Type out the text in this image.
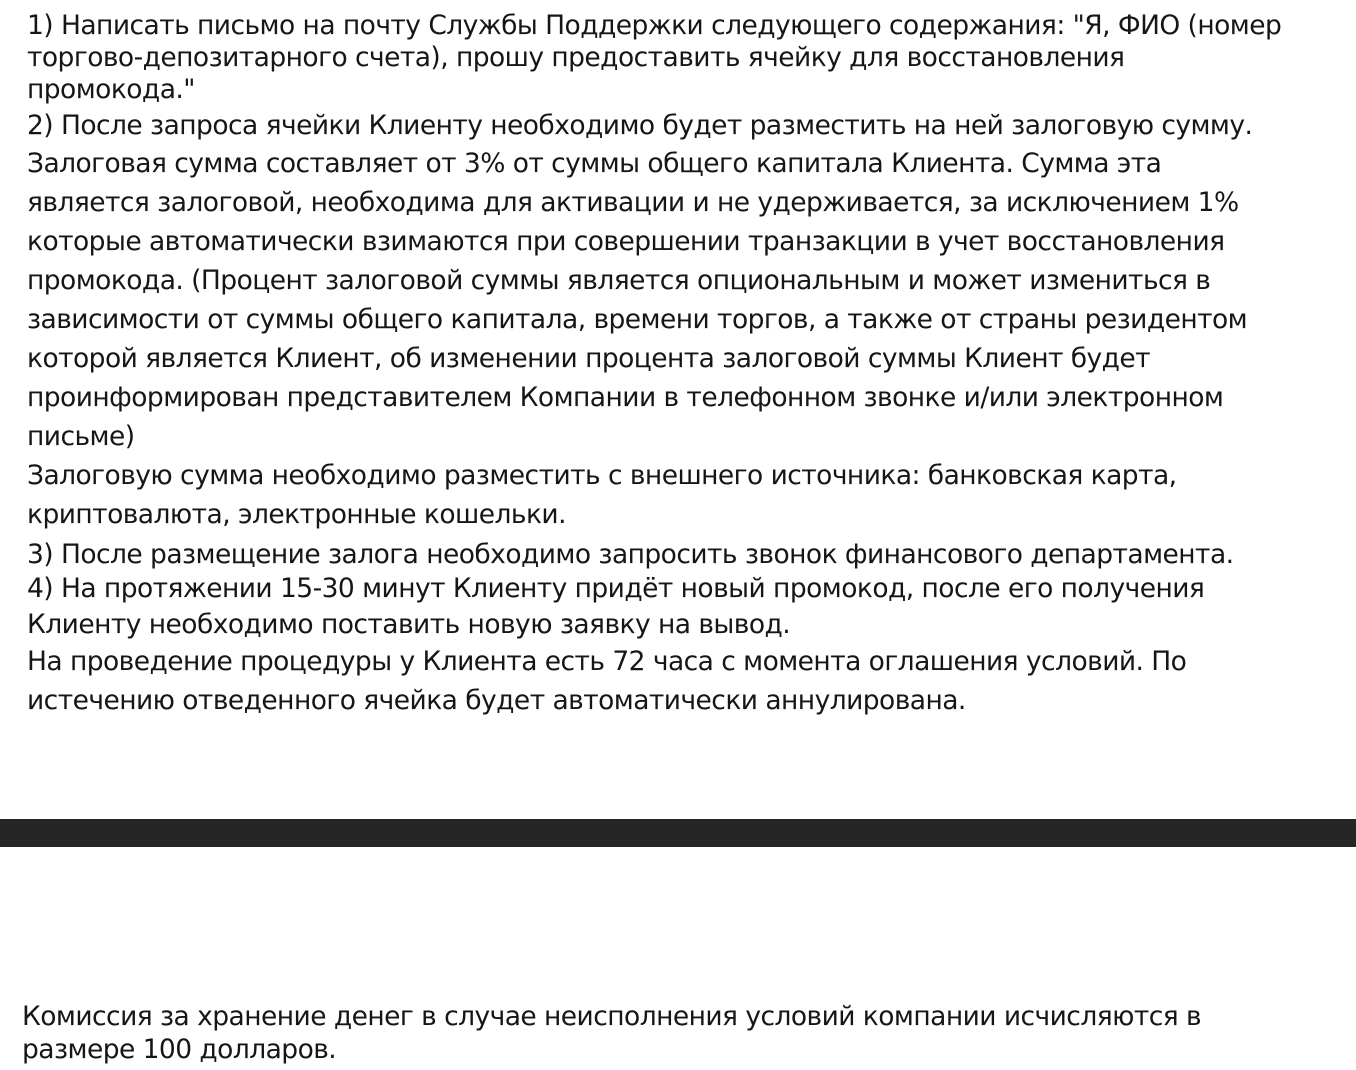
1) Написать письмо на почту Службы Поддержки следующего содержания: "Я, ФИО (номер
торгово-депозитарного счета), прошу предоставить ячейку для восстановления
промокода."
2) После запроса ячейки Клиенту необходимо будет разместить на ней залоговую сумму.
Залоговая сумма составляет от 3% от суммы общего капитала Клиента. Сумма эта
является залоговой, необходима для активации и не удерживается, за исключением 1%
которые автоматически взимаются при совершении транзакции в учет восстановления
промокода. (Процент залоговой суммы является опциональным и может измениться в
зависимости от суммы общего капитала, времени торгов, а также от страны резидентом
которой является Клиент, об изменении процента залоговой суммы Клиент будет
проинформирован представителем Компании в телефонном звонке и/или электронном
письме)
Залоговую сумма необходимо разместить с внешнего источника: банковская карта,
криптовалюта, электронные кошельки.
3) После размещение залога необходимо запросить звонок финансового департамента.
4) На протяжении 15-30 минут Клиенту придёт новый промокод, после его получения
Клиенту необходимо поставить новую заявку на вывод.
На проведение процедуры у Клиента есть 72 часа с момента оглашения условий. По
истечению отведенного ячейка будет автоматически аннулирована.
Комиссия за хранение денег в случае неисполнения условий компании исчисляются в
размере 100 долларов.
